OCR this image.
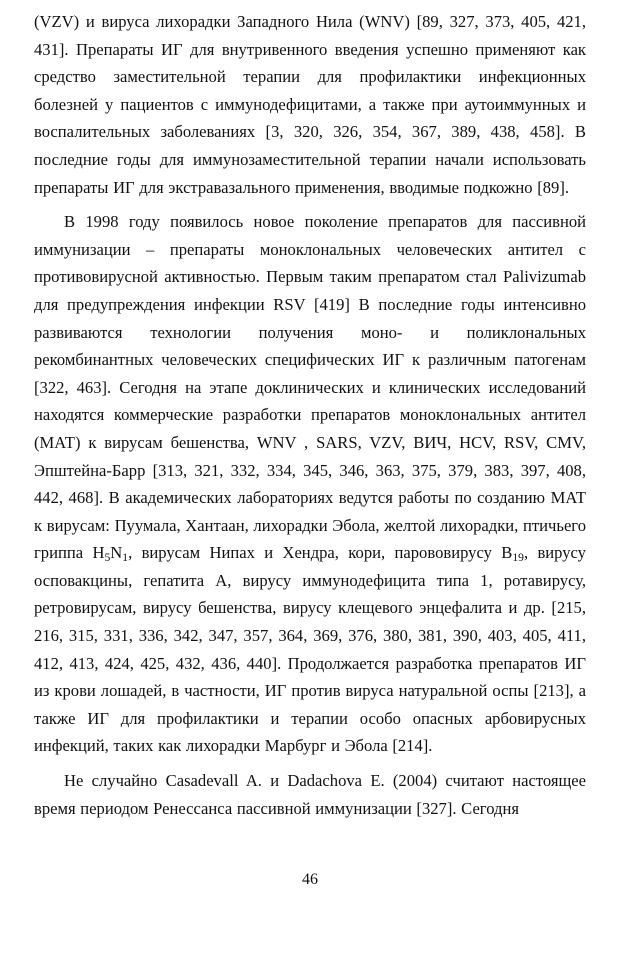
(VZV) и вируса лихорадки Западного Нила (WNV) [89, 327, 373, 405, 421, 431]. Препараты ИГ для внутривенного введения успешно применяют как средство заместительной терапии для профилактики инфекционных болезней у пациентов с иммунодефицитами, а также при аутоиммунных и воспалительных заболеваниях [3, 320, 326, 354, 367, 389, 438, 458]. В последние годы для иммунозаместительной терапии начали использовать препараты ИГ для экстравазального применения, вводимые подкожно [89].

В 1998 году появилось новое поколение препаратов для пассивной иммунизации – препараты моноклональных человеческих антител с противовирусной активностью. Первым таким препаратом стал Palivizumab для предупреждения инфекции RSV [419] В последние годы интенсивно развиваются технологии получения моно- и поликлональных рекомбинантных человеческих специфических ИГ к различным патогенам [322, 463]. Сегодня на этапе доклинических и клинических исследований находятся коммерческие разработки препаратов моноклональных антител (МАТ) к вирусам бешенства, WNV , SARS, VZV, ВИЧ, HCV, RSV, CMV, Эпштейна-Барр [313, 321, 332, 334, 345, 346, 363, 375, 379, 383, 397, 408, 442, 468]. В академических лабораториях ведутся работы по созданию МАТ к вирусам: Пуумала, Хантаан, лихорадки Эбола, желтой лихорадки, птичьего гриппа $H_5N_1$, вирусам Нипах и Хендра, кори, парововирусу $B_{19}$, вирусу осповакцины, гепатита А, вирусу иммунодефицита типа 1, ротавирусу, ретровирусам, вирусу бешенства, вирусу клещевого энцефалита и др. [215, 216, 315, 331, 336, 342, 347, 357, 364, 369, 376, 380, 381, 390, 403, 405, 411, 412, 413, 424, 425, 432, 436, 440]. Продолжается разработка препаратов ИГ из крови лошадей, в частности, ИГ против вируса натуральной оспы [213], а также ИГ для профилактики и терапии особо опасных арбовирусных инфекций, таких как лихорадки Марбург и Эбола [214].

Не случайно Casadevall A. и Dadachova E. (2004) считают настоящее время периодом Ренессанса пассивной иммунизации [327]. Сегодня

46
